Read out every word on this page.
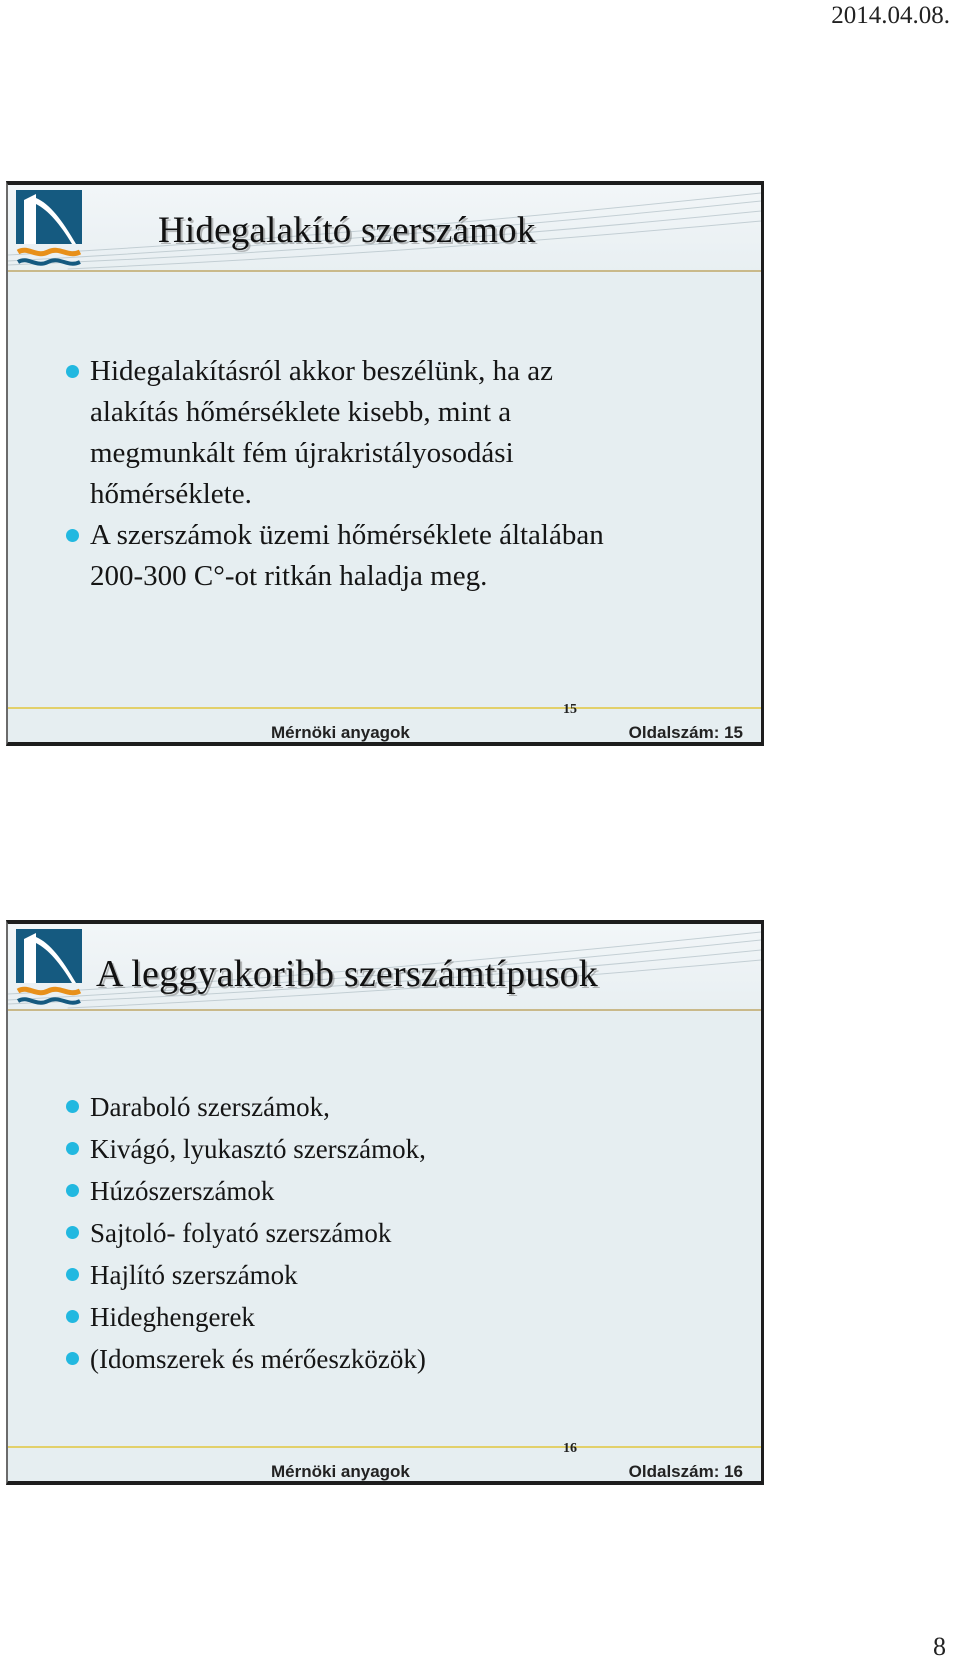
2014.04.08.
Hidegalakító szerszámok
Hidegalakításról akkor beszélünk, ha az alakítás hőmérséklete kisebb, mint a megmunkált fém újrakristályosodási hőmérséklete.
A szerszámok üzemi hőmérséklete általában 200-300 C°-ot ritkán haladja meg.
15
Mérnöki anyagok	Oldalszám: 15
A leggyakoribb szerszámtípusok
Daraboló szerszámok,
Kivágó, lyukasztó szerszámok,
Húzószerszámok
Sajtoló- folyató szerszámok
Hajlító szerszámok
Hideghengerek
(Idomszerek és mérőeszközök)
16
Mérnöki anyagok	Oldalszám: 16
8
